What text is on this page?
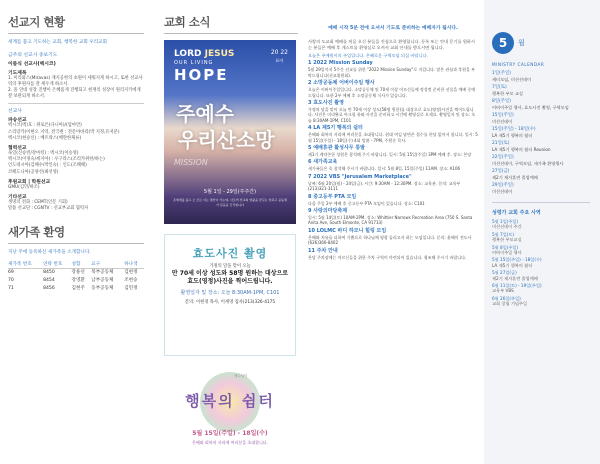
선교지 현황
세계를 품고 기도하는 교회, 행복한 교회 우리교회
금주의 선교사 중보기도
이름식 선교사(멕시코)
기도제목
1. 미리와스(Miravas) 재지공한의 초원이 세워지게 하시고, 또한 선교사역의 후원자를 잘 세우게 하소서.
2. 올 연대 성장 진행이 은혜롭게 진행되고 현재의 성장이 원리지키에게 잘 보관되게 하소서.
선교사
파송선교
멕시코(멕)호 : 위로튼(다니아)/(엄마만)
스리랑카(이현오 지역, 전국변 : 전문아바리(박 지정,유저분)
멕시코(현승신) : 베트락스(베란한채류)
협력선교
독일(신승빈/강마킹) : 멕시코(이승영)
멕시코(이정숙/세지아) : 우구라스(조리카위한/하는)
인도네시아(김해수/박인숙) : 인도(조해해)
코페도니아(공양선/최선영)
후원교회 | 학원선교
GMU(김민/하조)
기타선교
생명의 전화 : CEMT(인문 기회)
말씀 선교단 : CGNTV : 선교부교회 협력자
새가족 환영
지난 주에 등록하신 새가족을 소개합니다.
새가족 번호	연락 번호	성함	교구	하나색
69	8450	강용선	북부공동체	김현정
70	8454	강영환	남부공동체	조현승
71	8456	김현주	동부공동체	김민정
교회 소식
LORD JESUS
OUR LIVING
HOPE
20 22
표어
주예수
우리산소망
MISSION
5월 1일 - 29일(주주간)
온세계를 품고 오 모든 이는 명산이 가는데, 사로써 선교의 영광을 꿈꾸는 일하고 공동체가 믿음을 간직합니다
효도사진 촬영
가정의 달을 맞이 오늘
만 70세 이상 성도와 58명 원하는 대상으로
효도(영정)사진을 찍어드립니다.
촬영일자 및 장소: 오늘 8:30AM-1PM, C101
문의: 이현경 목사, 이세영 집사(213)326-4175
예수님이
행복의 쉼터
5월 15일(주일) - 18일(수)
은혜와 회복의 자리에 여러분을 초대합니다.
예배 시작 5분 전에 오셔서 기도로 준비하는 예배자가 됩시다.
사랑의 도교회 예배를 처음 오신 분들을 진심으로 환영합니다. 등록 또는 안내 문기를 원하시는 분들은 예배 후 게스트를 환영실로 오셔서 교회 안내를 받으시면 됩니다.
오늘은 주예원이의 주일입니다. 은혜로운 구역모임 되십 바랍니다.
1 2022 Mission Sunday
5월 29일까지 5주간 선교를 위한 "2022 Mission Sunday"로 지킵니다. 많은 관심과 후원을 부탁드립니다(선교위원회).
2 소망공동체 어버이주일 행사
오늘은 어버이주일입니다. 소망공동체 및 70세 이상 어르신들께 정성껏 준비한 선물을 예배 중에 드립니다. 또한 2부 예배 후 소망공동체 식사가 있습니다.
3 효도사진 촬영
가정의 달을 맞이 오늘 만 70세 이상 성도(58명 원한)를 대상으로 효도(영정)사진을 찍어드립니다. 사진은 미리완료 아크릴 쥬와 사진을 준비하고 시간에 촬영실로 오세요. 촬영일자 및 장소: 오늘 8:30AM-1PM, C101
4 LA 제5기 행복의 쉼터
은혜와 회복의 자리에 여러분을 초대합니다. 현대 여김 답변은 접수를 편당 없어서 합니다. 일시: 5월 15일(주일) - 18일(수) 4회 말씀 - 7PM, 주원준 목사.
5 예배휴관 활성사무 통발
제1기 계약존한 성원은 참석해 주기 바랍니다. 일시: 5월 15일(주일) 3PM 예배 후. 장소: 본당
6 새가족교육
새가족들은 꼭 참석해 주시기 바랍니다. 일시: 5월 8일, 15일(주일) 11AM. 장소: A106
7 2022 VBS "Jerusalem Marketplace"
날짜: 6월 20일(월) - 24일(금). 시간: 9:30AM - 12:30PM. 장소: 교육관. 문의: 교육부(213)321-3111
8 중고등부 PTA 모임
다음 주일 2부 예배 후 중고등부 PTA 모임이 있습니다. 장소: C101
9 사랑의마당축제
일시: 5월 14일(토) 10AM-2PM. 장소: Whittier Narrows Recreation Area (750 S. Santa Anita Ave, South Elmonte, CA 91733)
10 LOLMC 바디 하모니 힐링 모임
은혜와 치유를 더하여 기쁨으로 하나님께 영광 돌리고자 하는 모임입니다. 문의: 윤혜미 전도사(626)366-8402
11 주차 안내
본당 주차장에는 어르신들을 위한 주차 구역이 마련되어 있습니다. 협조해 주시기 바랍니다.
5	월
MINISTRY CALENDAR
1일(주일)
새터모임, 미션선데이
7일(토)
행복한 부모 교실
8일(주일)
어버이주일 행사, 효도사진 촬영, 구역모임
15일(주일)
미션선데이
15일(주일) - 18일(수)
LA 제5기 행복의 쉼터
21일(토)
LA 제5기 행복의 쉼터 Reunion
22일(주일)
미션선데이, 구역모임, 새가족 환영행사
27일(금)
제2기 제자훈련 졸업예배
29일(주일)
미션선데이
성령가 교회 주요 사역
5월 1일(주일)
미션선데이 주간
5월 7일(토)
행복한 부모교실
5월 8일(주일)
어버이주일 행사
5월 15일(주일) - 18일(수)
LA 제5기 행복의 쉼터
5월 27일(금)
제2기 제자훈련 졸업예배
6월 11일(토) - 19일(주일)
교육부 VBS
6월 26일(주일)
교회 창립 기념주일
